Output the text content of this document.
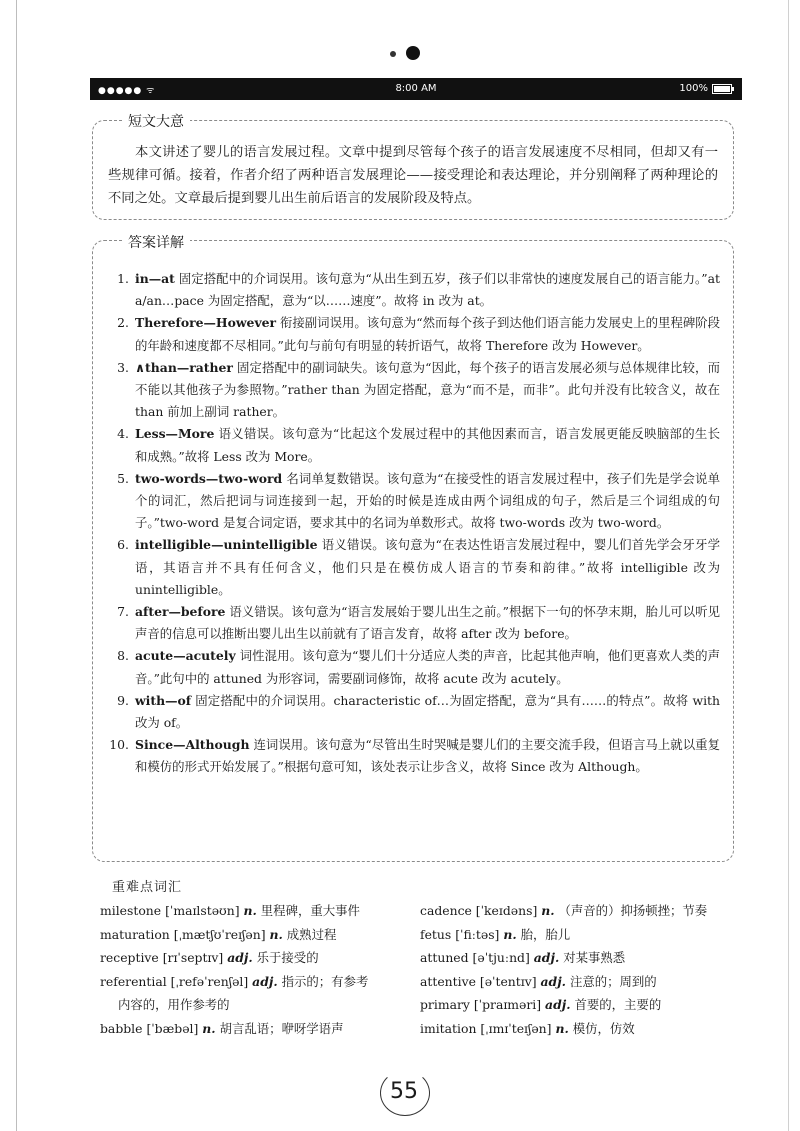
●●●●● ᯤ	8:00 AM	100%
短文大意
本文讲述了婴儿的语言发展过程。文章中提到尽管每个孩子的语言发展速度不尽相同，但却又有一些规律可循。接着，作者介绍了两种语言发展理论——接受理论和表达理论，并分别阐释了两种理论的不同之处。文章最后提到婴儿出生前后语言的发展阶段及特点。
答案详解
1. in—at 固定搭配中的介词误用。该句意为“从出生到五岁，孩子们以非常快的速度发展自己的语言能力。”at a/an…pace 为固定搭配，意为“以……速度”。故将 in 改为 at。
2. Therefore—However 衔接副词误用。该句意为“然而每个孩子到达他们语言能力发展史上的里程碑阶段的年龄和速度都不尽相同。”此句与前句有明显的转折语气，故将 Therefore 改为 However。
3. ∧than—rather 固定搭配中的副词缺失。该句意为“因此，每个孩子的语言发展必须与总体规律比较，而不能以其他孩子为参照物。”rather than 为固定搭配，意为“而不是，而非”。此句并没有比较含义，故在 than 前加上副词 rather。
4. Less—More 语义错误。该句意为“比起这个发展过程中的其他因素而言，语言发展更能反映脑部的生长和成熟。”故将 Less 改为 More。
5. two-words—two-word 名词单复数错误。该句意为“在接受性的语言发展过程中，孩子们先是学会说单个的词汇，然后把词与词连接到一起，开始的时候是连成由两个词组成的句子，然后是三个词组成的句子。”two-word 是复合词定语，要求其中的名词为单数形式。故将 two-words 改为 two-word。
6. intelligible—unintelligible 语义错误。该句意为“在表达性语言发展过程中，婴儿们首先学会牙牙学语，其语言并不具有任何含义，他们只是在模仿成人语言的节奏和韵律。”故将 intelligible 改为 unintelligible。
7. after—before 语义错误。该句意为“语言发展始于婴儿出生之前。”根据下一句的怀孕末期，胎儿可以听见声音的信息可以推断出婴儿出生以前就有了语言发育，故将 after 改为 before。
8. acute—acutely 词性混用。该句意为“婴儿们十分适应人类的声音，比起其他声响，他们更喜欢人类的声音。”此句中的 attuned 为形容词，需要副词修饰，故将 acute 改为 acutely。
9. with—of 固定搭配中的介词误用。characteristic of…为固定搭配，意为“具有……的特点”。故将 with 改为 of。
10. Since—Although 连词误用。该句意为“尽管出生时哭喊是婴儿们的主要交流手段，但语言马上就以重复和模仿的形式开始发展了。”根据句意可知，该处表示让步含义，故将 Since 改为 Although。
重难点词汇
milestone [ˈmaɪlstəʊn] n. 里程碑，重大事件
maturation [ˌmætʃʊˈreɪʃən] n. 成熟过程
receptive [rɪˈseptɪv] adj. 乐于接受的
referential [ˌrefəˈrenʃəl] adj. 指示的；有参考
内容的，用作参考的
babble [ˈbæbəl] n. 胡言乱语；咿呀学语声
cadence [ˈkeɪdəns] n. （声音的）抑扬顿挫；节奏
fetus [ˈfiːtəs] n. 胎，胎儿
attuned [əˈtjuːnd] adj. 对某事熟悉
attentive [əˈtentɪv] adj. 注意的；周到的
primary [ˈpraɪməri] adj. 首要的，主要的
imitation [ˌɪmɪˈteɪʃən] n. 模仿，仿效
55
